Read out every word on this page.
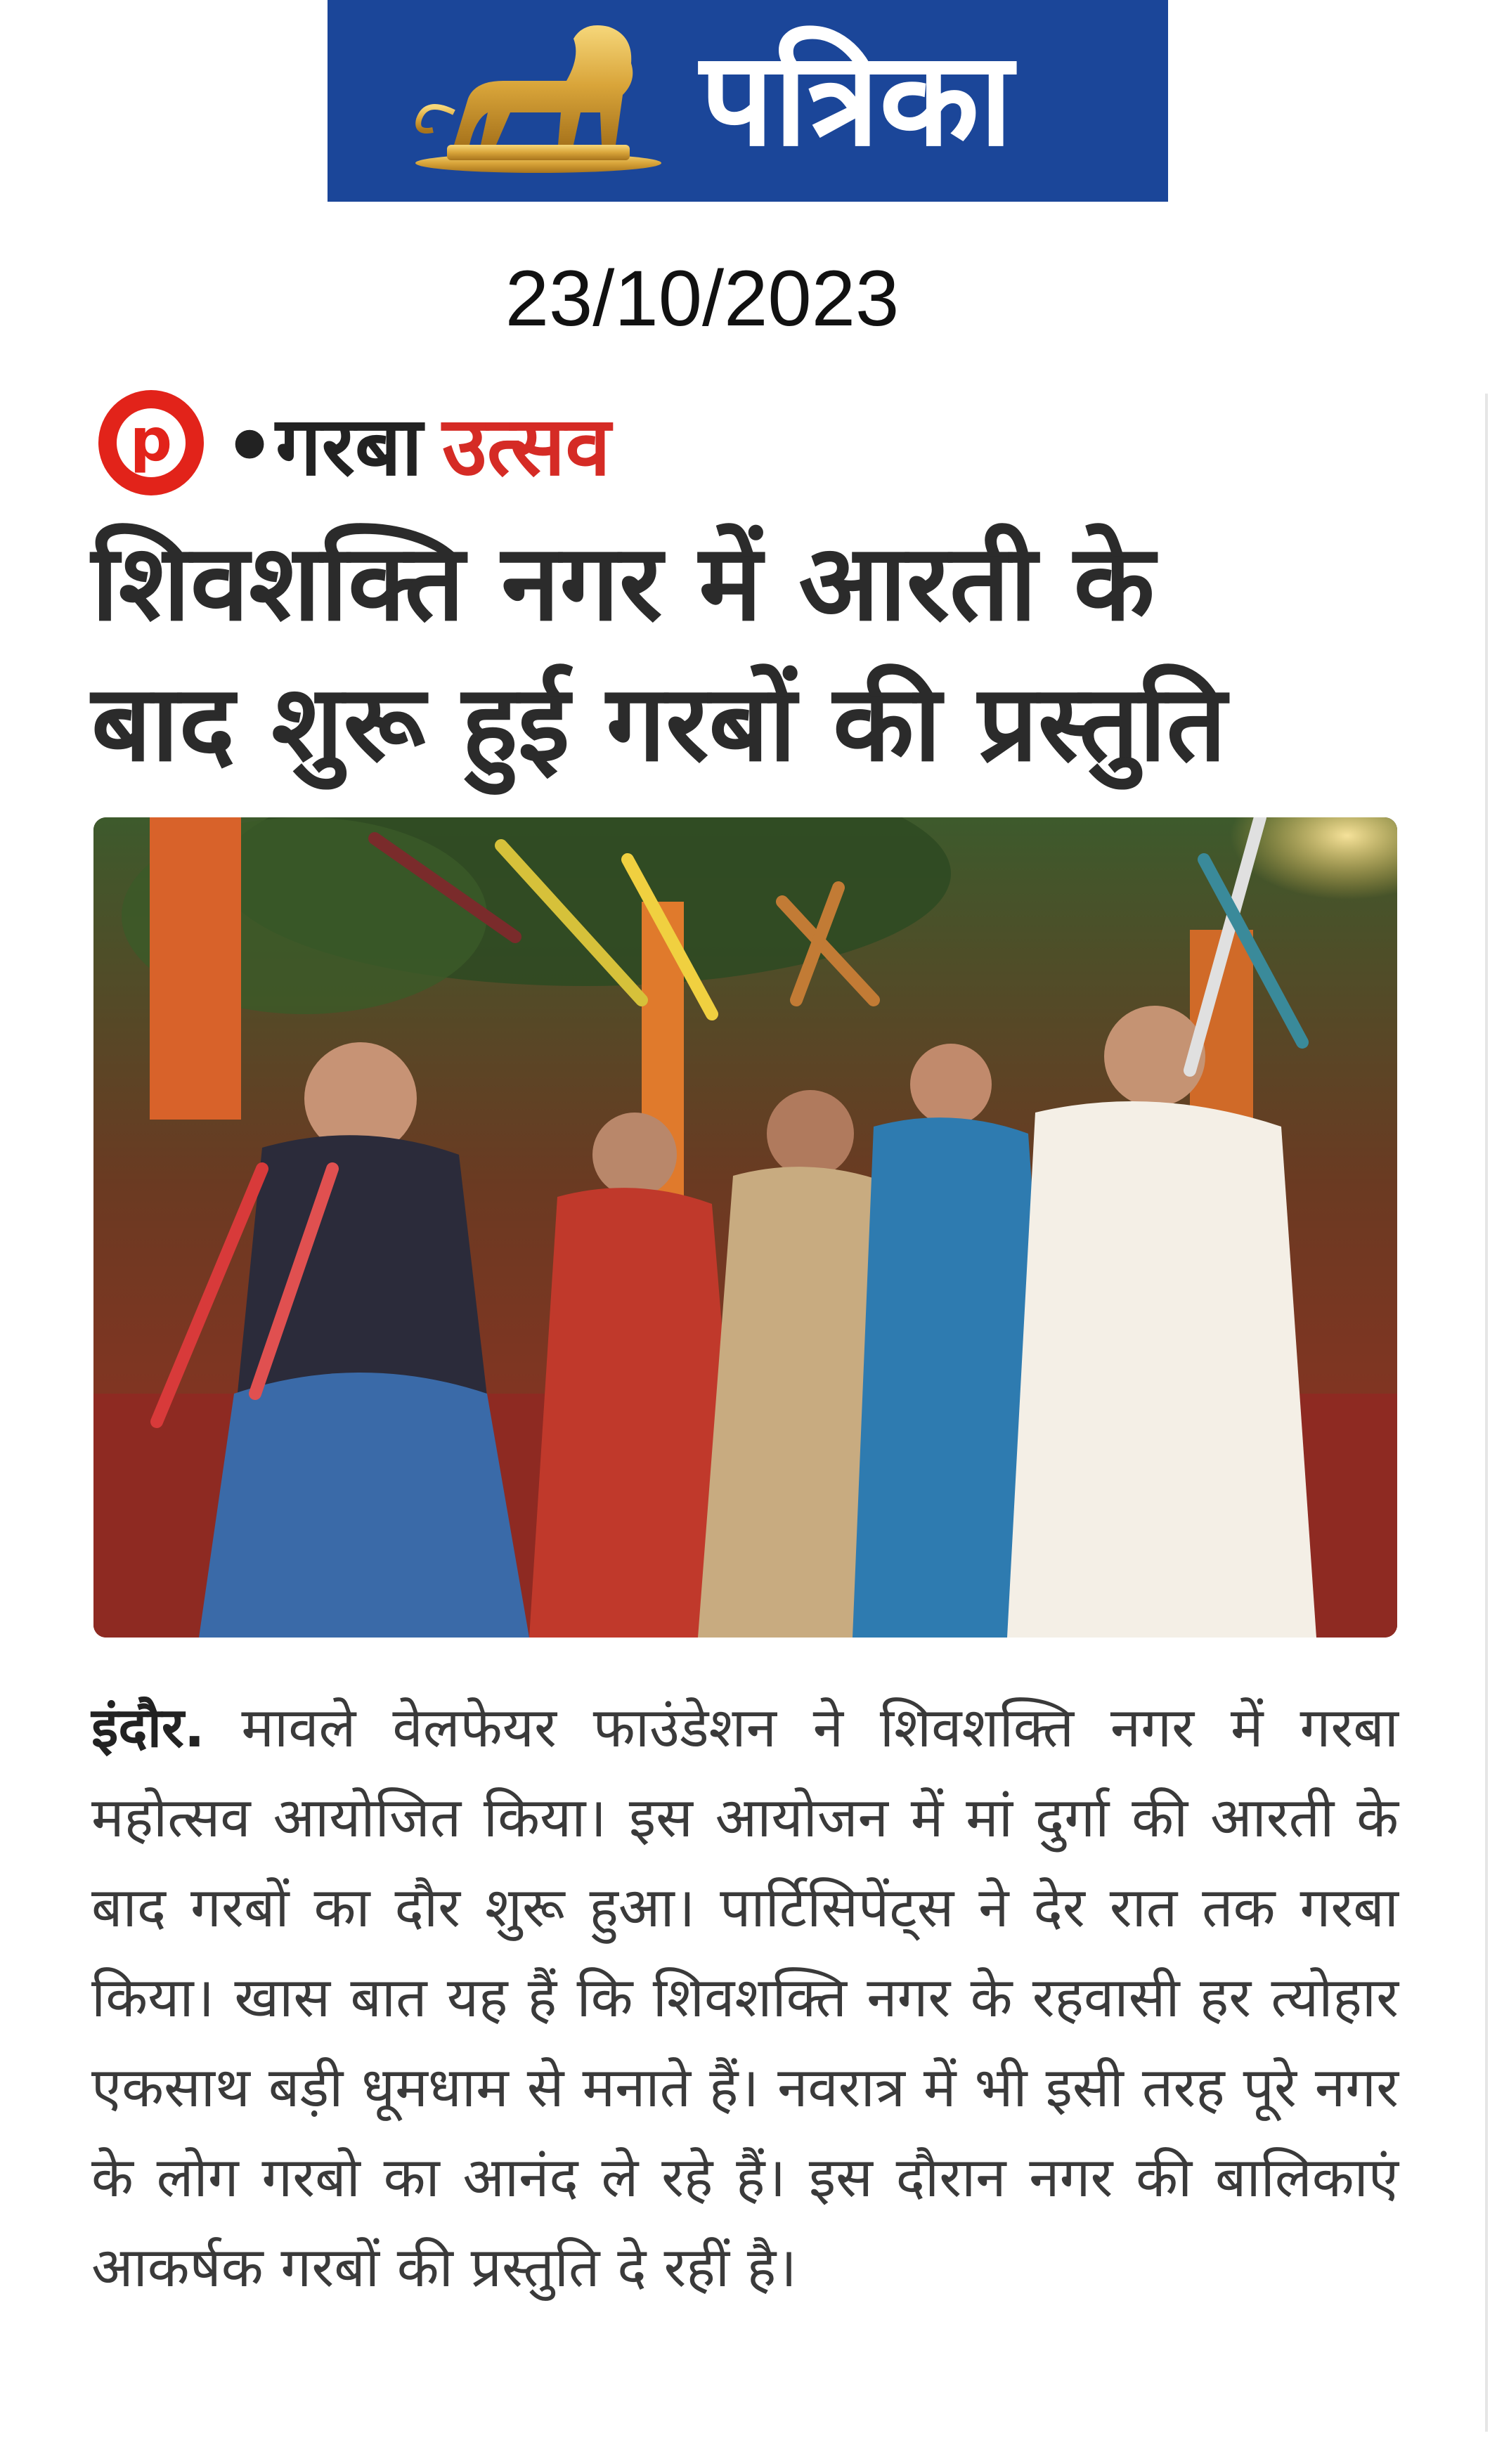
पत्रिका
23/10/2023
p •गरबा उत्सव
शिवशक्ति नगर में आरती के
बाद शुरू हुई गरबों की प्रस्तुति
इंदौर. मावले वेलफेयर फाउंडेशन ने शिवशक्ति नगर में गरबा महोत्सव आयोजित किया। इस आयोजन में मां दुर्गा की आरती के बाद गरबों का दौर शुरू हुआ। पार्टिसिपेंट्स ने देर रात तक गरबा किया। खास बात यह हैं कि शिवशक्ति नगर के रहवासी हर त्योहार एकसाथ बड़ी धूमधाम से मनाते हैं। नवरात्र में भी इसी तरह पूरे नगर के लोग गरबो का आनंद ले रहे हैं। इस दौरान नगर की बालिकाएं आकर्षक गरबों की प्रस्तुति दे रहीं है।
